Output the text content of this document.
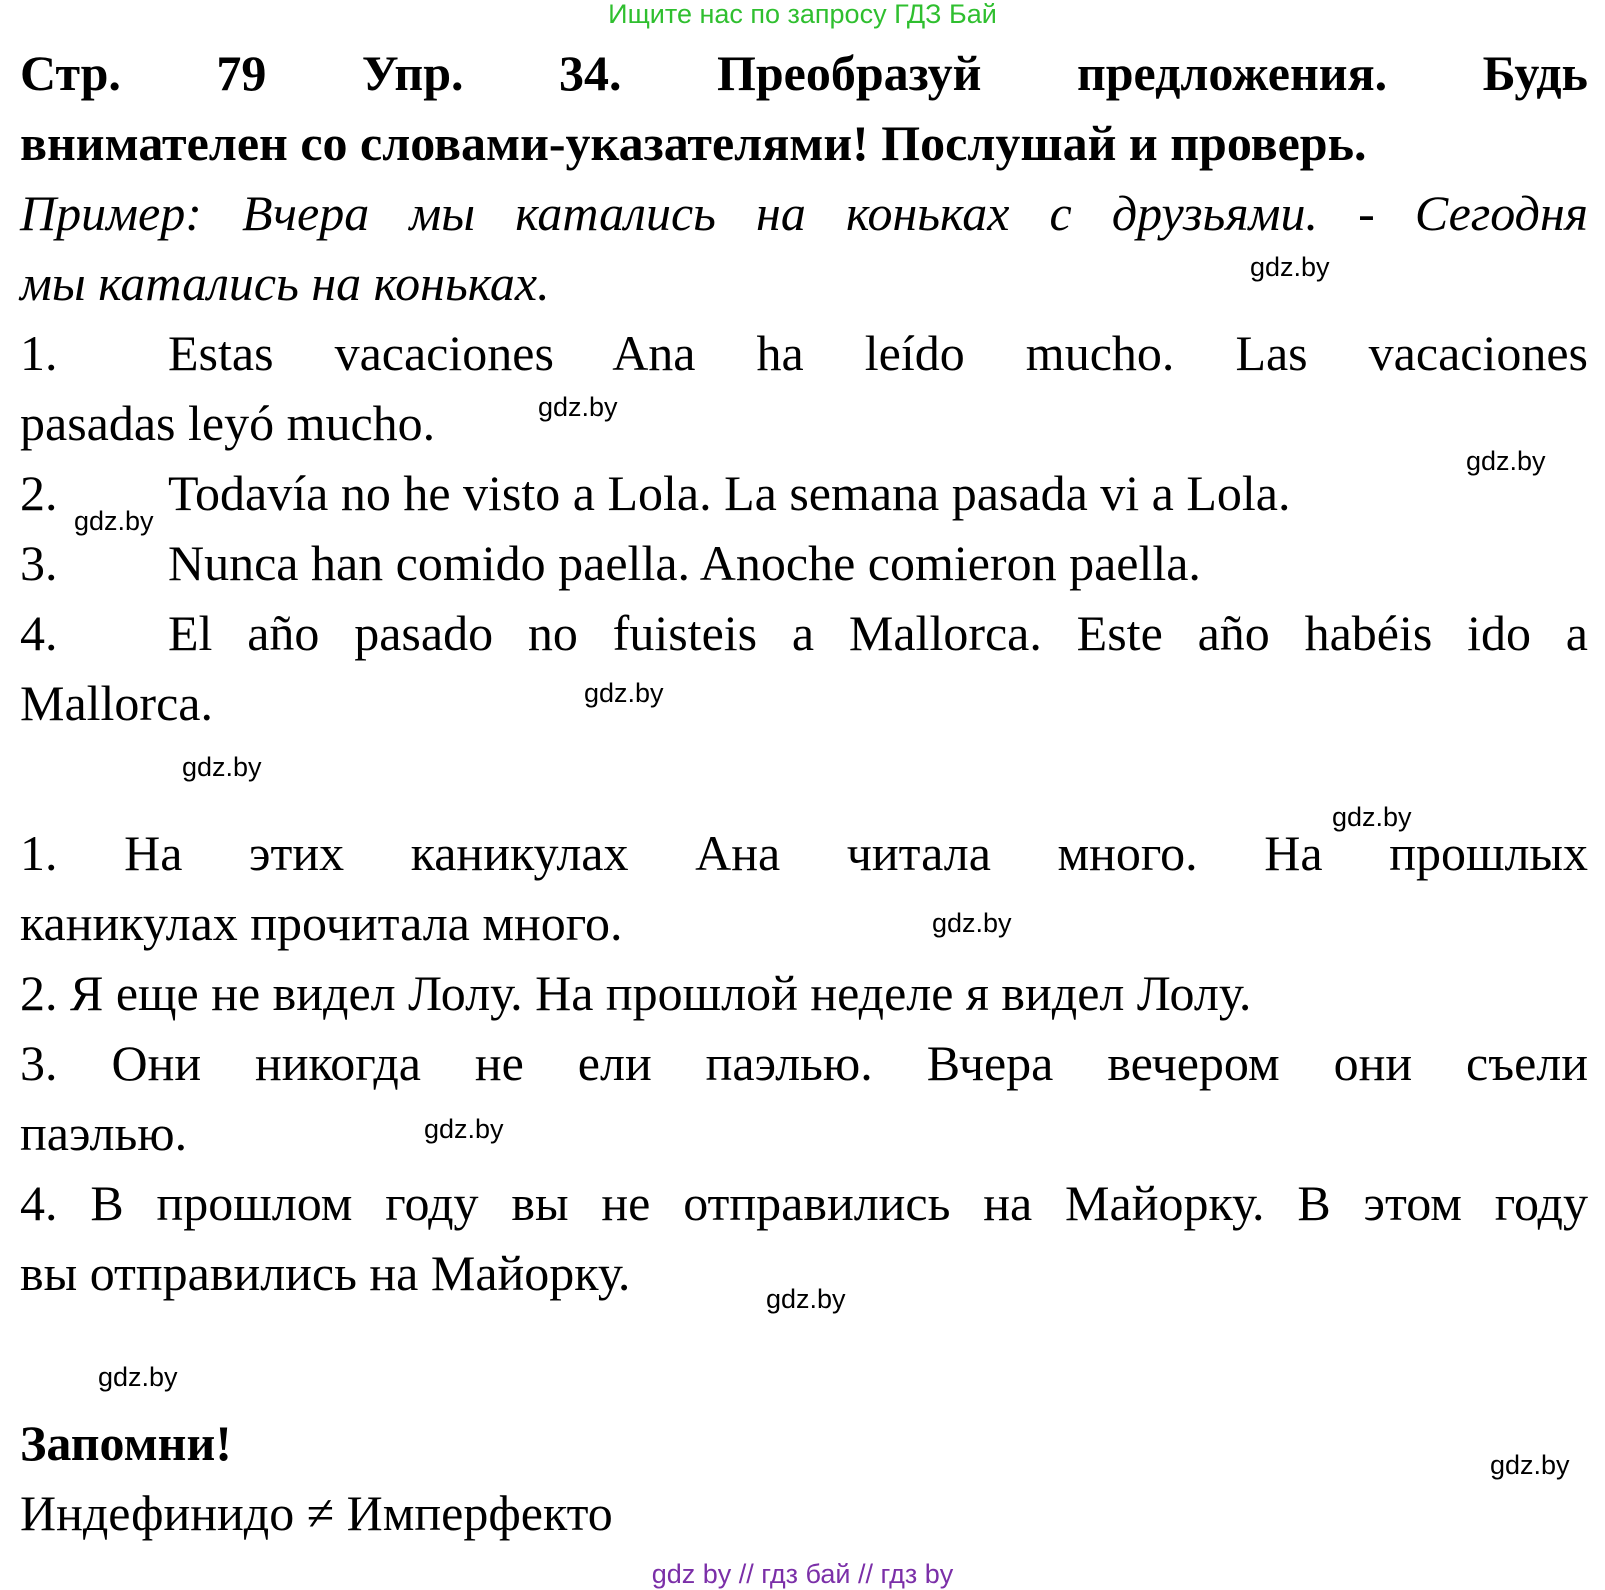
Ищите нас по запросу ГДЗ Бай
Стр. 79 Упр. 34. Преобразуй предложения. Будь
внимателен со словами-указателями! Послушай и проверь.
Пример: Вчера мы катались на коньках с друзьями. - Сегодня
мы катались на коньках.
1.	Estas vacaciones Ana ha leído mucho. Las vacaciones
pasadas leyó mucho.
2. Todavía no he visto a Lola. La semana pasada vi a Lola.
3. Nunca han comido paella. Anoche comieron paella.
4.	El año pasado no fuisteis a Mallorca. Este año habéis ido a
Mallorca.
1. На этих каникулах Ана читала много. На прошлых
каникулах прочитала много.
2. Я еще не видел Лолу. На прошлой неделе я видел Лолу.
3. Они никогда не ели паэлью. Вчера вечером они съели
паэлью.
4. В прошлом году вы не отправились на Майорку. В этом году
вы отправились на Майорку.
Запомни!
Индефинидо ≠ Имперфекто
gdz.by
gdz.by
gdz.by
gdz.by
gdz.by
gdz.by
gdz.by
gdz.by
gdz.by
gdz.by
gdz.by
gdz.by
gdz by // гдз бай // гдз by
